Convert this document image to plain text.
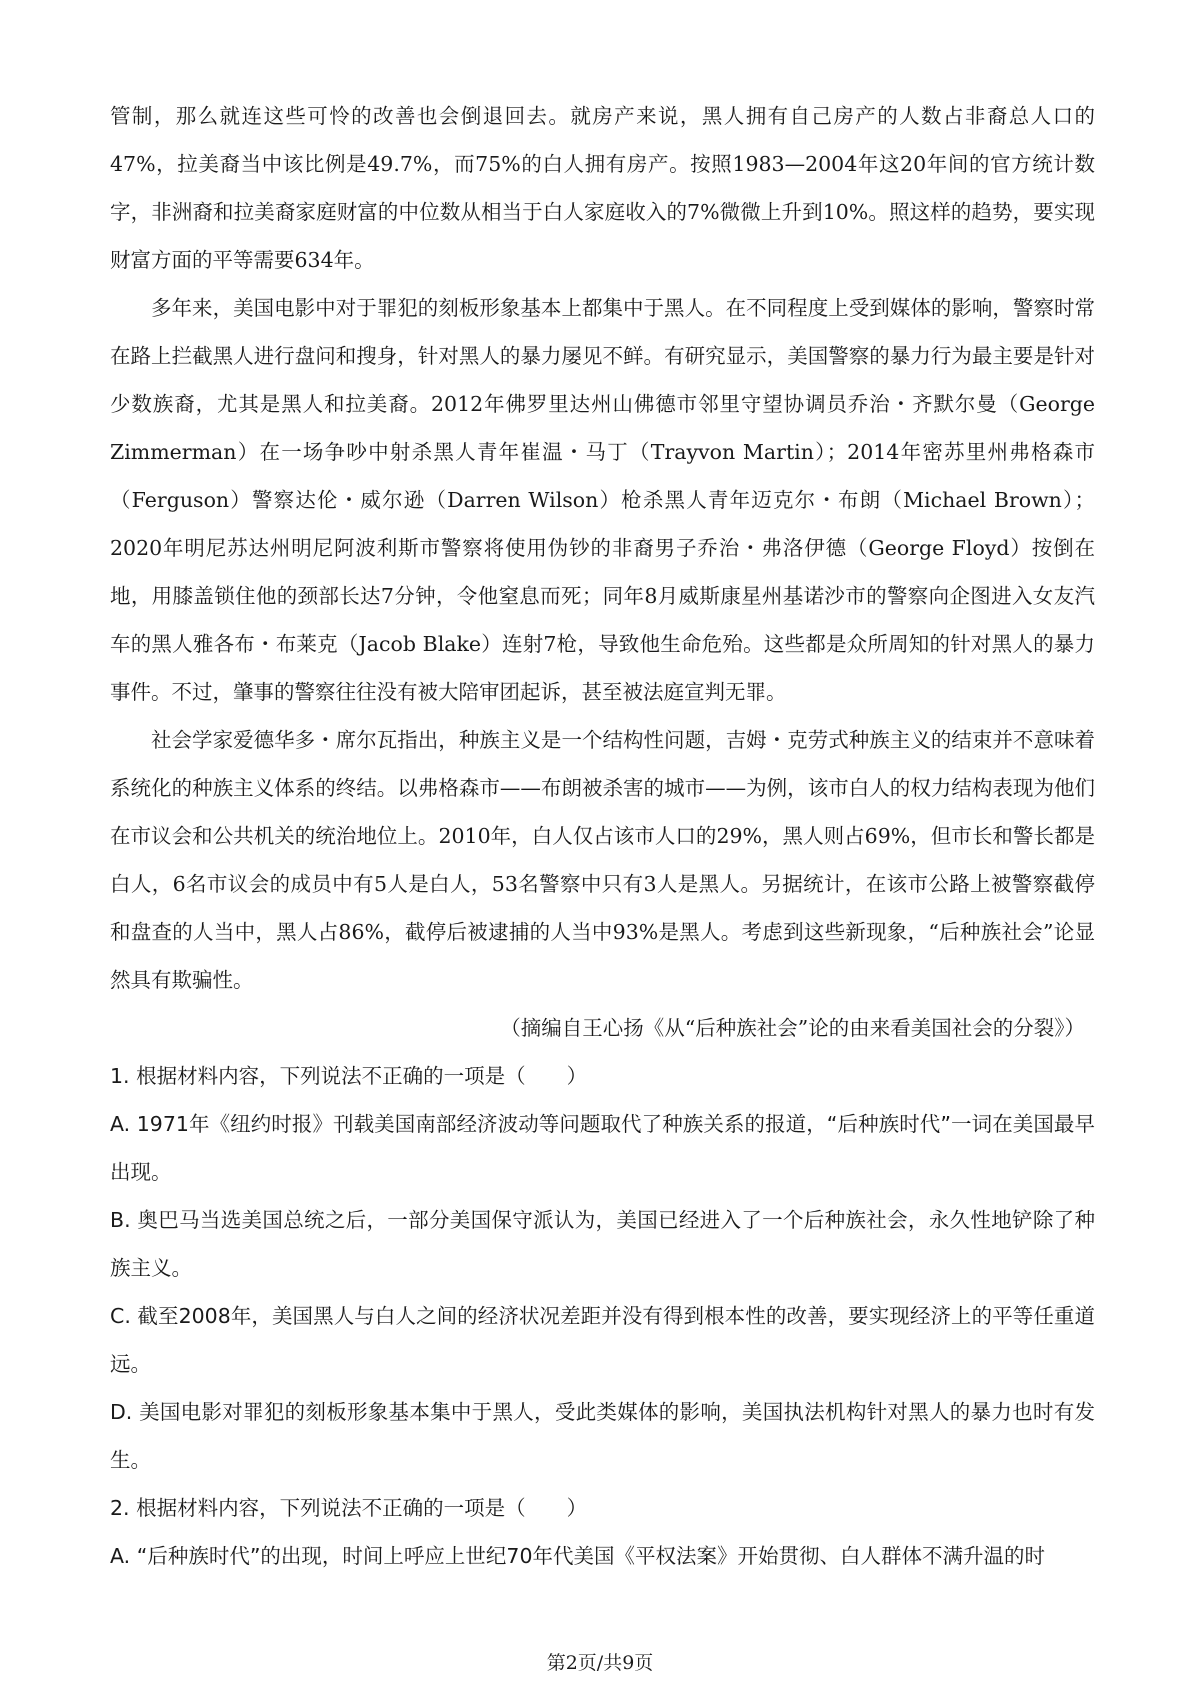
管制，那么就连这些可怜的改善也会倒退回去。就房产来说，黑人拥有自己房产的人数占非裔总人口的47%，拉美裔当中该比例是49.7%，而75%的白人拥有房产。按照1983—2004年这20年间的官方统计数字，非洲裔和拉美裔家庭财富的中位数从相当于白人家庭收入的7%微微上升到10%。照这样的趋势，要实现财富方面的平等需要634年。

多年来，美国电影中对于罪犯的刻板形象基本上都集中于黑人。在不同程度上受到媒体的影响，警察时常在路上拦截黑人进行盘问和搜身，针对黑人的暴力屡见不鲜。有研究显示，美国警察的暴力行为最主要是针对少数族裔，尤其是黑人和拉美裔。2012年佛罗里达州山佛德市邻里守望协调员乔治・齐默尔曼（George Zimmerman）在一场争吵中射杀黑人青年崔温・马丁（Trayvon Martin）；2014年密苏里州弗格森市（Ferguson）警察达伦・威尔逊（Darren Wilson）枪杀黑人青年迈克尔・布朗（Michael Brown）；2020年明尼苏达州明尼阿波利斯市警察将使用伪钞的非裔男子乔治・弗洛伊德（George Floyd）按倒在地，用膝盖锁住他的颈部长达7分钟，令他窒息而死；同年8月威斯康星州基诺沙市的警察向企图进入女友汽车的黑人雅各布・布莱克（Jacob Blake）连射7枪，导致他生命危殆。这些都是众所周知的针对黑人的暴力事件。不过，肇事的警察往往没有被大陪审团起诉，甚至被法庭宣判无罪。

社会学家爱德华多・席尔瓦指出，种族主义是一个结构性问题，吉姆・克劳式种族主义的结束并不意味着系统化的种族主义体系的终结。以弗格森市——布朗被杀害的城市——为例，该市白人的权力结构表现为他们在市议会和公共机关的统治地位上。2010年，白人仅占该市人口的29%，黑人则占69%，但市长和警长都是白人，6名市议会的成员中有5人是白人，53名警察中只有3人是黑人。另据统计，在该市公路上被警察截停和盘查的人当中，黑人占86%，截停后被逮捕的人当中93%是黑人。考虑到这些新现象，“后种族社会”论显然具有欺骗性。

（摘编自王心扬《从“后种族社会”论的由来看美国社会的分裂》）

1. 根据材料内容，下列说法不正确的一项是（　　）

A. 1971年《纽约时报》刊载美国南部经济波动等问题取代了种族关系的报道，“后种族时代”一词在美国最早出现。

B. 奥巴马当选美国总统之后，一部分美国保守派认为，美国已经进入了一个后种族社会，永久性地铲除了种族主义。

C. 截至2008年，美国黑人与白人之间的经济状况差距并没有得到根本性的改善，要实现经济上的平等任重道远。

D. 美国电影对罪犯的刻板形象基本集中于黑人，受此类媒体的影响，美国执法机构针对黑人的暴力也时有发生。

2. 根据材料内容，下列说法不正确的一项是（　　）

A. “后种族时代”的出现，时间上呼应上世纪70年代美国《平权法案》开始贯彻、白人群体不满升温的时

第2页/共9页
